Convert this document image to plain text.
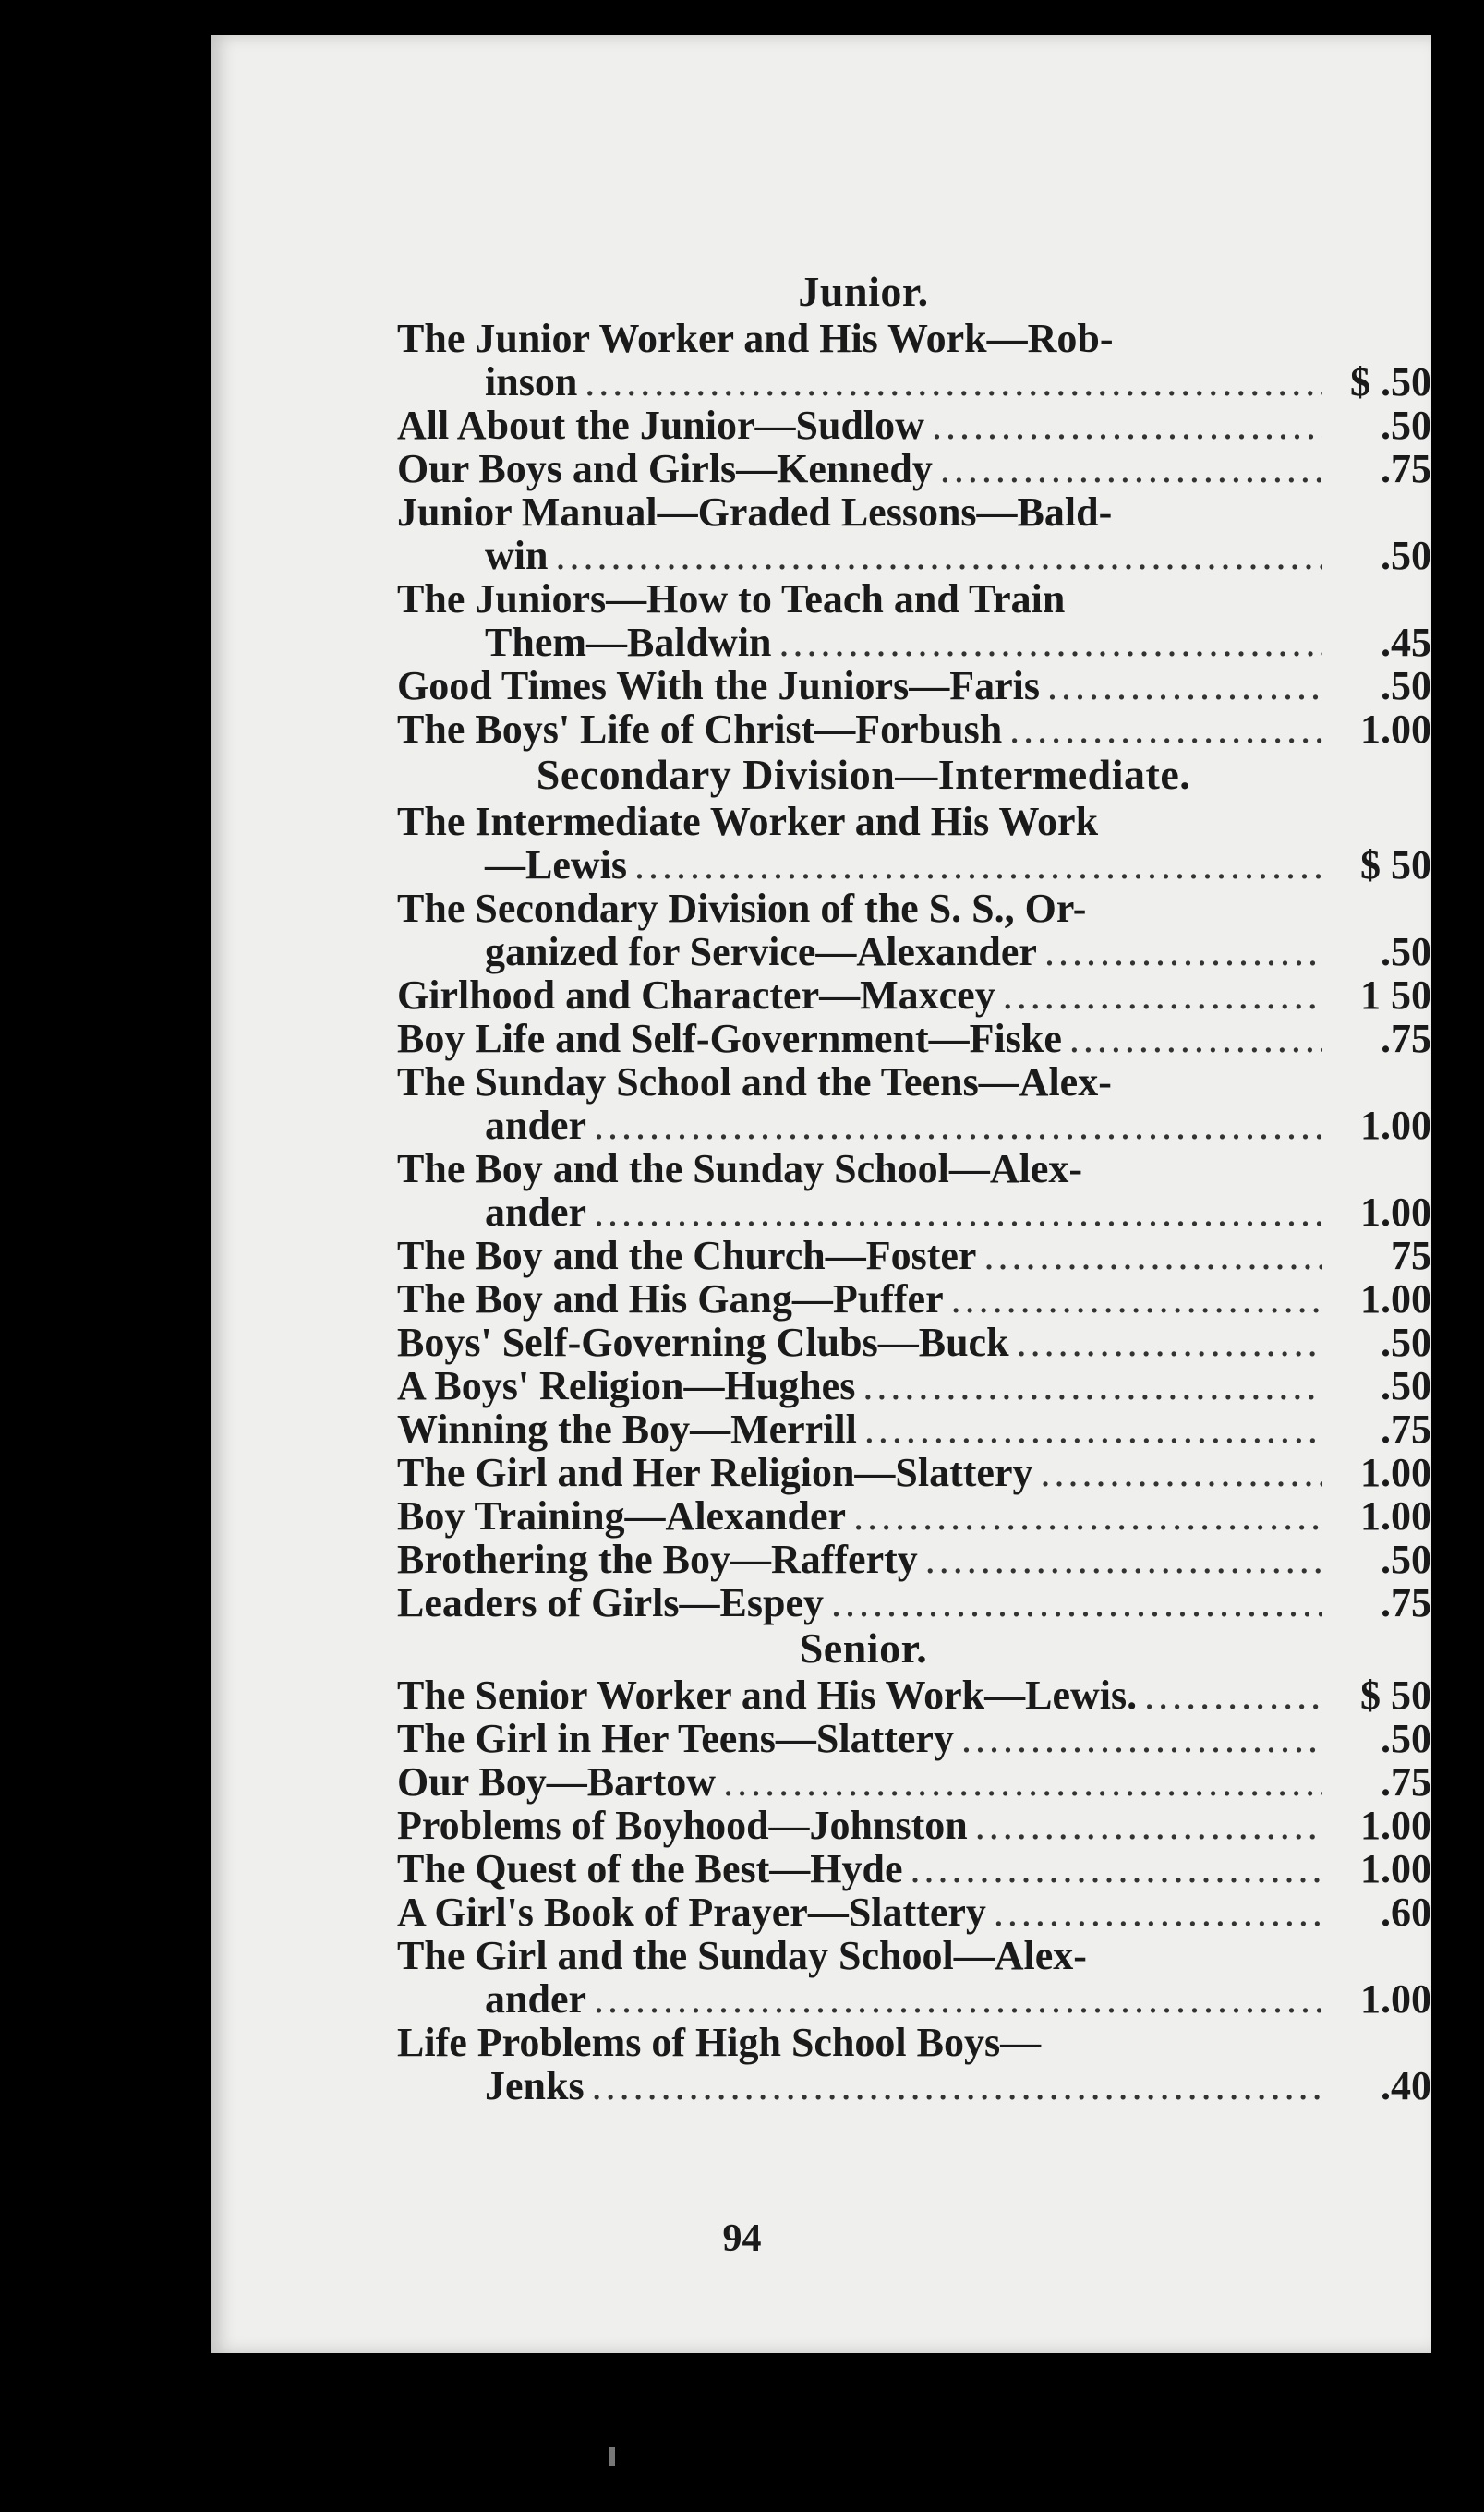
Junior.
The Junior Worker and His Work—Rob-
inson .....	$ .50
All About the Junior—Sudlow .....	.50
Our Boys and Girls—Kennedy .....	.75
Junior Manual—Graded Lessons—Bald-
win .....	.50
The Juniors—How to Teach and Train
Them—Baldwin .....	.45
Good Times With the Juniors—Faris .....	.50
The Boys' Life of Christ—Forbush .....	1.00
Secondary Division—Intermediate.
The Intermediate Worker and His Work
—Lewis .....	$ 50
The Secondary Division of the S. S., Or-
ganized for Service—Alexander .....	.50
Girlhood and Character—Maxcey .....	1 50
Boy Life and Self-Government—Fiske .....	.75
The Sunday School and the Teens—Alex-
ander .....	1.00
The Boy and the Sunday School—Alex-
ander .....	1.00
The Boy and the Church—Foster .....	75
The Boy and His Gang—Puffer .....	1.00
Boys' Self-Governing Clubs—Buck .....	.50
A Boys' Religion—Hughes .....	.50
Winning the Boy—Merrill .....	.75
The Girl and Her Religion—Slattery .....	1.00
Boy Training—Alexander .....	1.00
Brothering the Boy—Rafferty .....	.50
Leaders of Girls—Espey .....	.75
Senior.
The Senior Worker and His Work—Lewis. .....	$ 50
The Girl in Her Teens—Slattery .....	.50
Our Boy—Bartow .....	.75
Problems of Boyhood—Johnston .....	1.00
The Quest of the Best—Hyde .....	1.00
A Girl's Book of Prayer—Slattery .....	.60
The Girl and the Sunday School—Alex-
ander .....	1.00
Life Problems of High School Boys—
Jenks .....	.40
94
